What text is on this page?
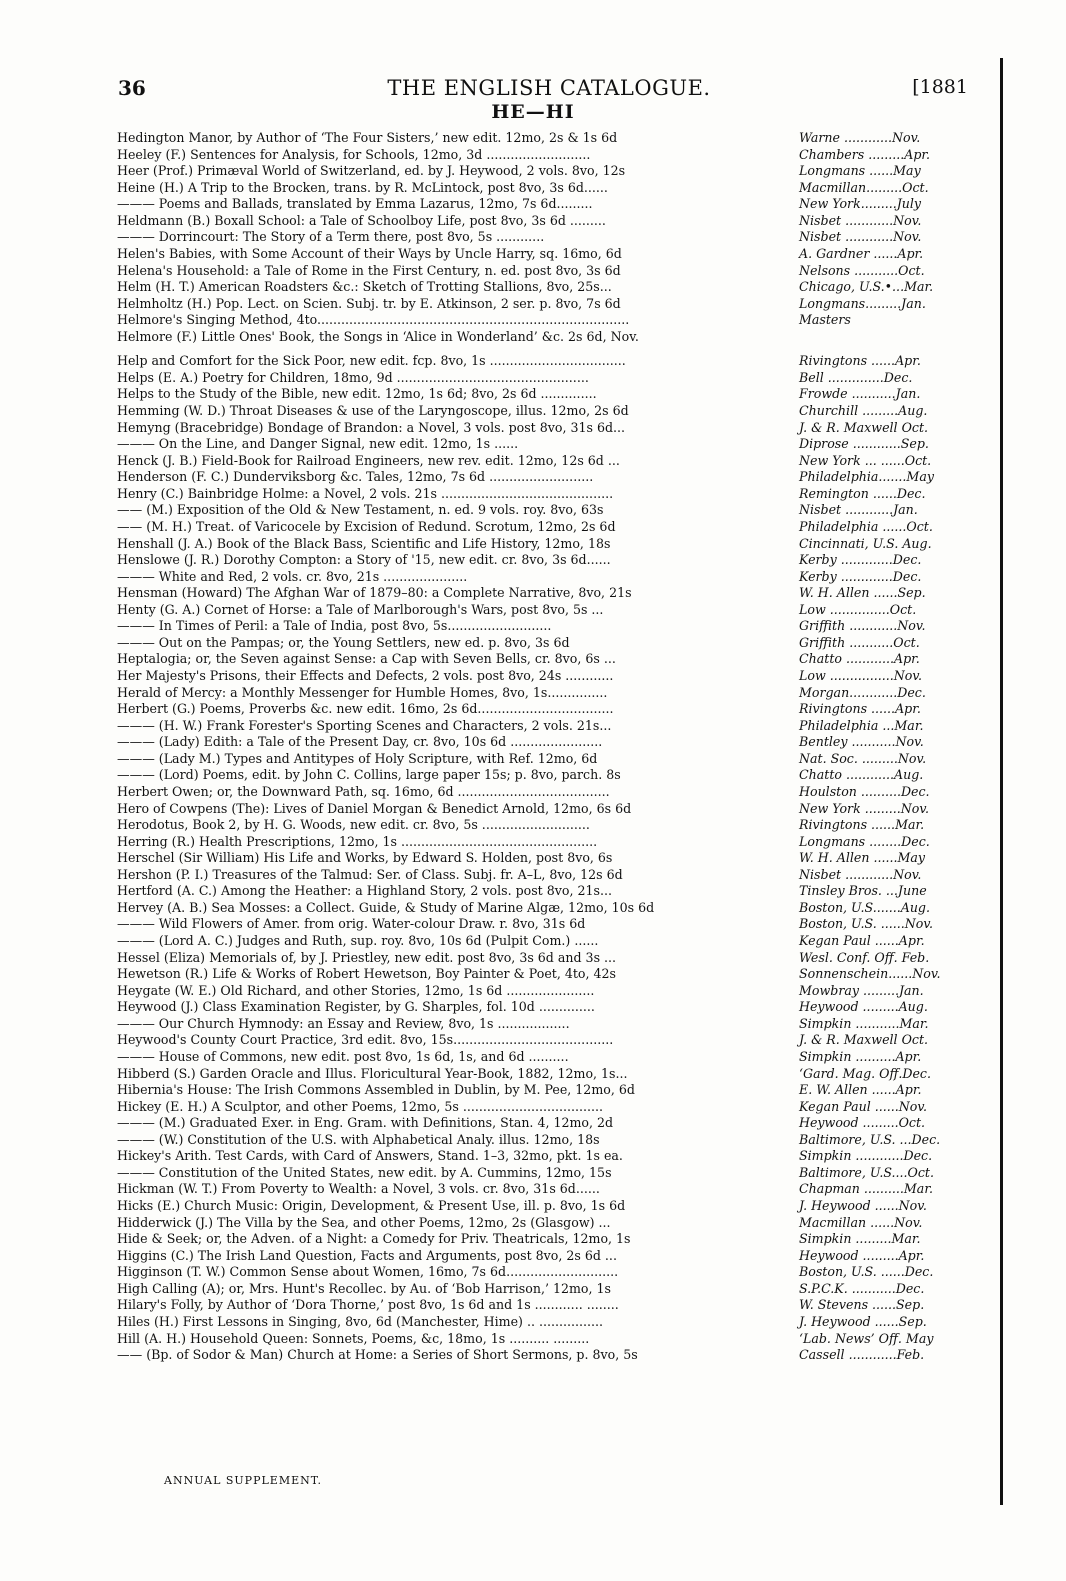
36	THE ENGLISH CATALOGUE.	[1881
HE—HI
Hedington Manor, by Author of ‘The Four Sisters,’ new edit. 12mo, 2s & 1s 6d	Warne ............Nov.
Heeley (F.) Sentences for Analysis, for Schools, 12mo, 3d ..........................	Chambers .........Apr.
Heer (Prof.) Primæval World of Switzerland, ed. by J. Heywood, 2 vols. 8vo, 12s	Longmans ......May
Heine (H.) A Trip to the Brocken, trans. by R. McLintock, post 8vo, 3s 6d......	Macmillan.........Oct.
——— Poems and Ballads, translated by Emma Lazarus, 12mo, 7s 6d.........	New York.........July
Heldmann (B.) Boxall School: a Tale of Schoolboy Life, post 8vo, 3s 6d .........	Nisbet ............Nov.
——— Dorrincourt: The Story of a Term there, post 8vo, 5s ............	Nisbet ............Nov.
Helen's Babies, with Some Account of their Ways by Uncle Harry, sq. 16mo, 6d	A. Gardner ......Apr.
Helena's Household: a Tale of Rome in the First Century, n. ed. post 8vo, 3s 6d	Nelsons ...........Oct.
Helm (H. T.) American Roadsters &c.: Sketch of Trotting Stallions, 8vo, 25s...	Chicago, U.S.•...Mar.
Helmholtz (H.) Pop. Lect. on Scien. Subj. tr. by E. Atkinson, 2 ser. p. 8vo, 7s 6d	Longmans.........Jan.
Helmore's Singing Method, 4to..............................................................................	Masters
Helmore (F.) Little Ones' Book, the Songs in ‘Alice in Wonderland’ &c. 2s 6d, Nov.
Help and Comfort for the Sick Poor, new edit. fcp. 8vo, 1s ..................................	Rivingtons ......Apr.
Helps (E. A.) Poetry for Children, 18mo, 9d ................................................	Bell ..............Dec.
Helps to the Study of the Bible, new edit. 12mo, 1s 6d; 8vo, 2s 6d ..............	Frowde ...........Jan.
Hemming (W. D.) Throat Diseases & use of the Laryngoscope, illus. 12mo, 2s 6d	Churchill .........Aug.
Hemyng (Bracebridge) Bondage of Brandon: a Novel, 3 vols. post 8vo, 31s 6d...	J. & R. Maxwell Oct.
——— On the Line, and Danger Signal, new edit. 12mo, 1s ......	Diprose ............Sep.
Henck (J. B.) Field-Book for Railroad Engineers, new rev. edit. 12mo, 12s 6d ...	New York ... ......Oct.
Henderson (F. C.) Dunderviksborg &c. Tales, 12mo, 7s 6d ..........................	Philadelphia.......May
Henry (C.) Bainbridge Holme: a Novel, 2 vols. 21s ...........................................	Remington ......Dec.
—— (M.) Exposition of the Old & New Testament, n. ed. 9 vols. roy. 8vo, 63s	Nisbet ............Jan.
—— (M. H.) Treat. of Varicocele by Excision of Redund. Scrotum, 12mo, 2s 6d	Philadelphia ......Oct.
Henshall (J. A.) Book of the Black Bass, Scientific and Life History, 12mo, 18s	Cincinnati, U.S. Aug.
Henslowe (J. R.) Dorothy Compton: a Story of '15, new edit. cr. 8vo, 3s 6d......	Kerby .............Dec.
——— White and Red, 2 vols. cr. 8vo, 21s .....................	Kerby .............Dec.
Hensman (Howard) The Afghan War of 1879–80: a Complete Narrative, 8vo, 21s	W. H. Allen ......Sep.
Henty (G. A.) Cornet of Horse: a Tale of Marlborough's Wars, post 8vo, 5s ...	Low ...............Oct.
——— In Times of Peril: a Tale of India, post 8vo, 5s..........................	Griffith ............Nov.
——— Out on the Pampas; or, the Young Settlers, new ed. p. 8vo, 3s 6d	Griffith ...........Oct.
Heptalogia; or, the Seven against Sense: a Cap with Seven Bells, cr. 8vo, 6s ...	Chatto ............Apr.
Her Majesty's Prisons, their Effects and Defects, 2 vols. post 8vo, 24s ............	Low ................Nov.
Herald of Mercy: a Monthly Messenger for Humble Homes, 8vo, 1s...............	Morgan............Dec.
Herbert (G.) Poems, Proverbs &c. new edit. 16mo, 2s 6d..................................	Rivingtons ......Apr.
——— (H. W.) Frank Forester's Sporting Scenes and Characters, 2 vols. 21s...	Philadelphia ...Mar.
——— (Lady) Edith: a Tale of the Present Day, cr. 8vo, 10s 6d .......................	Bentley ...........Nov.
——— (Lady M.) Types and Antitypes of Holy Scripture, with Ref. 12mo, 6d	Nat. Soc. .........Nov.
——— (Lord) Poems, edit. by John C. Collins, large paper 15s; p. 8vo, parch. 8s	Chatto ............Aug.
Herbert Owen; or, the Downward Path, sq. 16mo, 6d ......................................	Houlston ..........Dec.
Hero of Cowpens (The): Lives of Daniel Morgan & Benedict Arnold, 12mo, 6s 6d	New York .........Nov.
Herodotus, Book 2, by H. G. Woods, new edit. cr. 8vo, 5s ...........................	Rivingtons ......Mar.
Herring (R.) Health Prescriptions, 12mo, 1s .................................................	Longmans ........Dec.
Herschel (Sir William) His Life and Works, by Edward S. Holden, post 8vo, 6s	W. H. Allen ......May
Hershon (P. I.) Treasures of the Talmud: Ser. of Class. Subj. fr. A–L, 8vo, 12s 6d	Nisbet ............Nov.
Hertford (A. C.) Among the Heather: a Highland Story, 2 vols. post 8vo, 21s...	Tinsley Bros. ...June
Hervey (A. B.) Sea Mosses: a Collect. Guide, & Study of Marine Algæ, 12mo, 10s 6d	Boston, U.S.......Aug.
——— Wild Flowers of Amer. from orig. Water-colour Draw. r. 8vo, 31s 6d	Boston, U.S. ......Nov.
——— (Lord A. C.) Judges and Ruth, sup. roy. 8vo, 10s 6d (Pulpit Com.) ......	Kegan Paul ......Apr.
Hessel (Eliza) Memorials of, by J. Priestley, new edit. post 8vo, 3s 6d and 3s ...	Wesl. Conf. Off. Feb.
Hewetson (R.) Life & Works of Robert Hewetson, Boy Painter & Poet, 4to, 42s	Sonnenschein......Nov.
Heygate (W. E.) Old Richard, and other Stories, 12mo, 1s 6d ......................	Mowbray .........Jan.
Heywood (J.) Class Examination Register, by G. Sharples, fol. 10d ..............	Heywood .........Aug.
——— Our Church Hymnody: an Essay and Review, 8vo, 1s ..................	Simpkin ...........Mar.
Heywood's County Court Practice, 3rd edit. 8vo, 15s........................................	J. & R. Maxwell Oct.
——— House of Commons, new edit. post 8vo, 1s 6d, 1s, and 6d ..........	Simpkin ..........Apr.
Hibberd (S.) Garden Oracle and Illus. Floricultural Year-Book, 1882, 12mo, 1s...	‘Gard. Mag. Off.Dec.
Hibernia's House: The Irish Commons Assembled in Dublin, by M. Pee, 12mo, 6d	E. W. Allen ......Apr.
Hickey (E. H.) A Sculptor, and other Poems, 12mo, 5s ...................................	Kegan Paul ......Nov.
——— (M.) Graduated Exer. in Eng. Gram. with Definitions, Stan. 4, 12mo, 2d	Heywood .........Oct.
——— (W.) Constitution of the U.S. with Alphabetical Analy. illus. 12mo, 18s	Baltimore, U.S. ...Dec.
Hickey's Arith. Test Cards, with Card of Answers, Stand. 1–3, 32mo, pkt. 1s ea.	Simpkin ............Dec.
——— Constitution of the United States, new edit. by A. Cummins, 12mo, 15s	Baltimore, U.S....Oct.
Hickman (W. T.) From Poverty to Wealth: a Novel, 3 vols. cr. 8vo, 31s 6d......	Chapman ..........Mar.
Hicks (E.) Church Music: Origin, Development, & Present Use, ill. p. 8vo, 1s 6d	J. Heywood ......Nov.
Hidderwick (J.) The Villa by the Sea, and other Poems, 12mo, 2s (Glasgow) ...	Macmillan ......Nov.
Hide & Seek; or, the Adven. of a Night: a Comedy for Priv. Theatricals, 12mo, 1s	Simpkin .........Mar.
Higgins (C.) The Irish Land Question, Facts and Arguments, post 8vo, 2s 6d ...	Heywood .........Apr.
Higginson (T. W.) Common Sense about Women, 16mo, 7s 6d............................	Boston, U.S. ......Dec.
High Calling (A); or, Mrs. Hunt's Recollec. by Au. of ‘Bob Harrison,’ 12mo, 1s	S.P.C.K. ...........Dec.
Hilary's Folly, by Author of ‘Dora Thorne,’ post 8vo, 1s 6d and 1s ............ ........	W. Stevens ......Sep.
Hiles (H.) First Lessons in Singing, 8vo, 6d (Manchester, Hime) .. ................	J. Heywood ......Sep.
Hill (A. H.) Household Queen: Sonnets, Poems, &c, 18mo, 1s .......... .........	‘Lab. News’ Off. May
—— (Bp. of Sodor & Man) Church at Home: a Series of Short Sermons, p. 8vo, 5s	Cassell ............Feb.
ANNUAL SUPPLEMENT.
